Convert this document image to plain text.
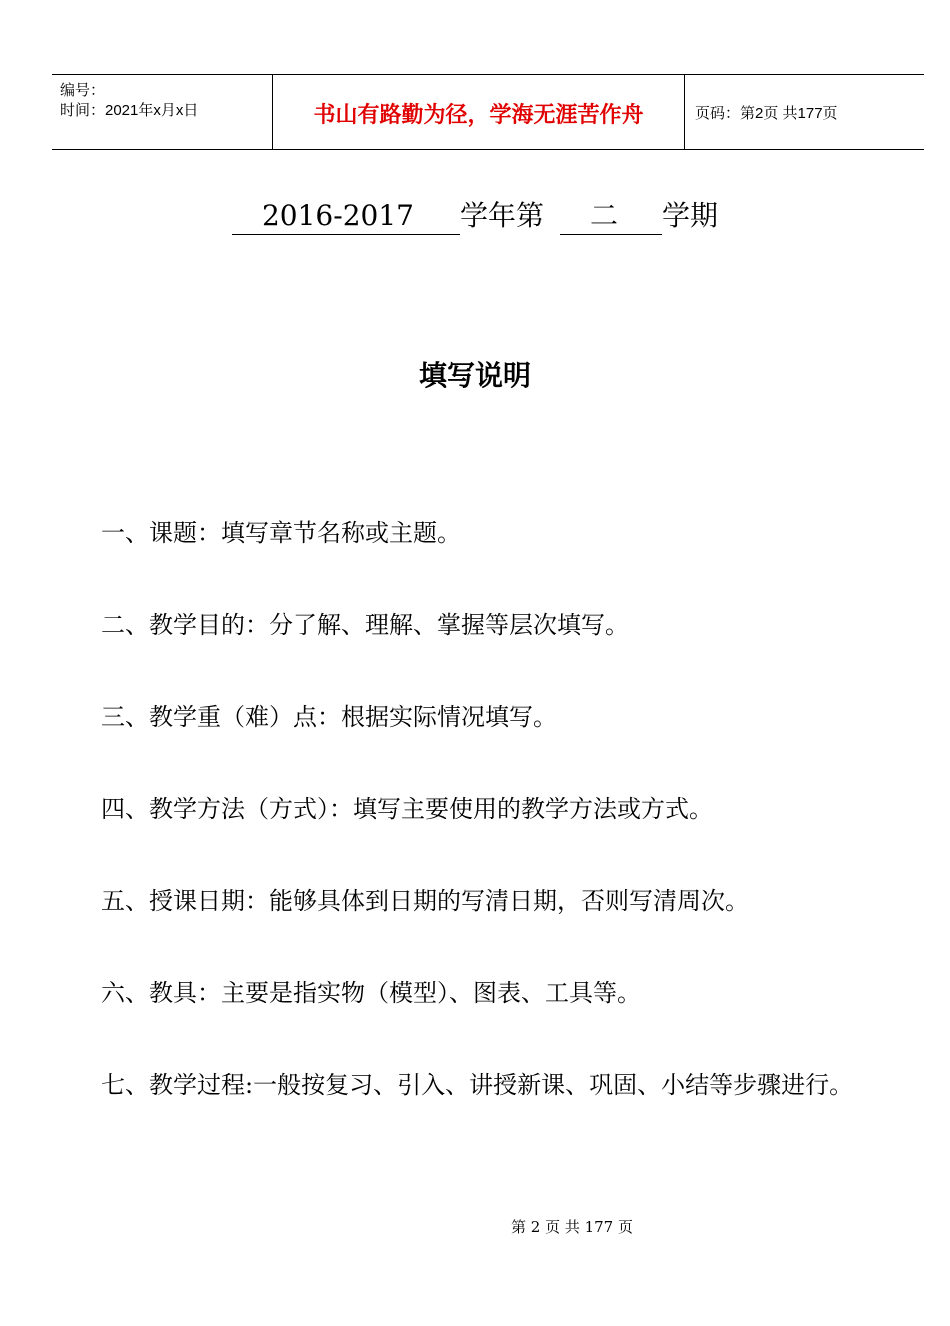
编号：
时间：2021年x月x日	书山有路勤为径，学海无涯苦作舟	页码：第2页 共177页
2016-2017 学年第 二 学期
填写说明
一、课题：填写章节名称或主题。
二、教学目的：分了解、理解、掌握等层次填写。
三、教学重（难）点：根据实际情况填写。
四、教学方法（方式）：填写主要使用的教学方法或方式。
五、授课日期：能够具体到日期的写清日期，否则写清周次。
六、教具：主要是指实物（模型）、图表、工具等。
七、教学过程:一般按复习、引入、讲授新课、巩固、小结等步骤进行。
第 2 页 共 177 页
